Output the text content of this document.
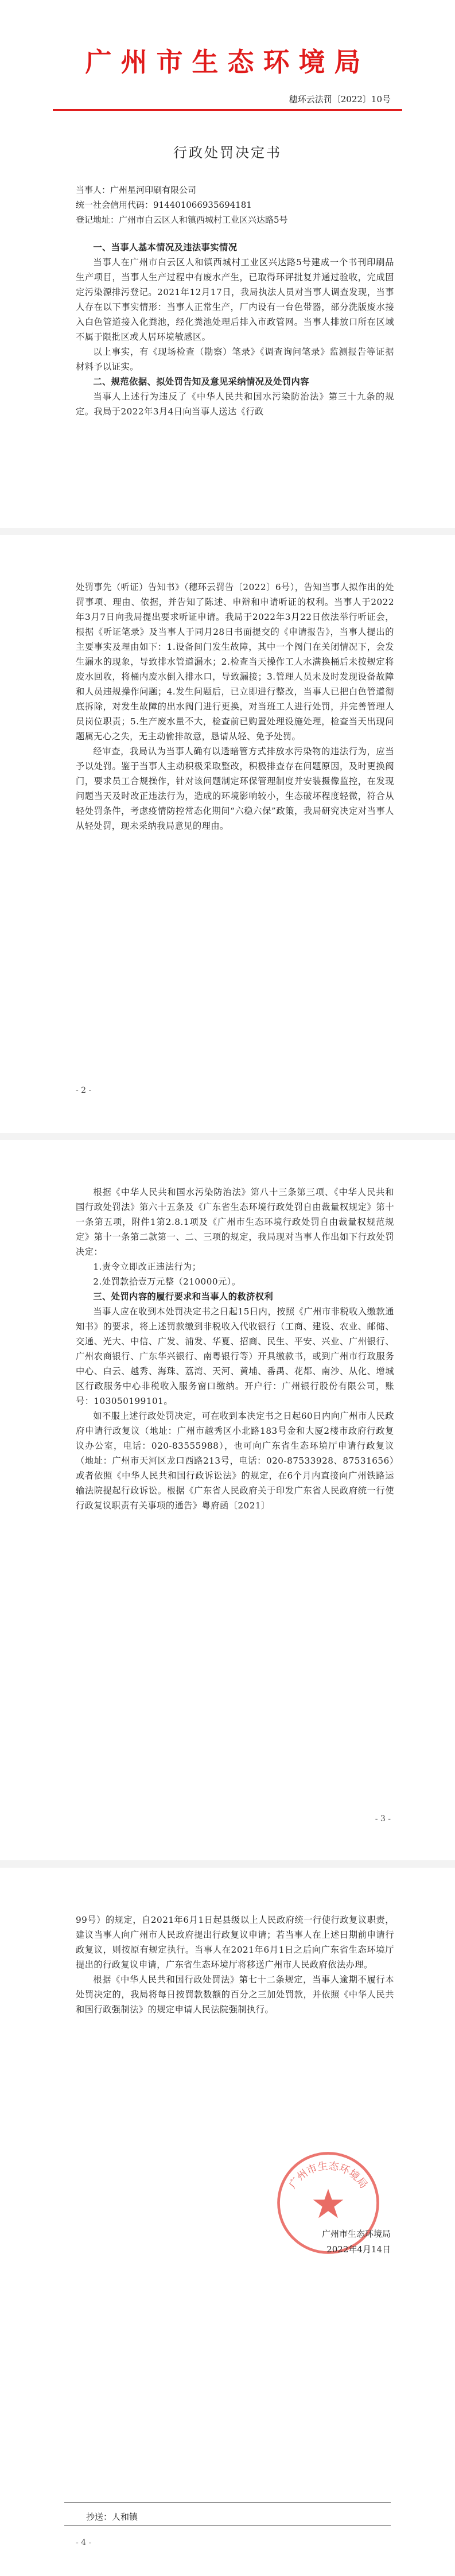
广州市生态环境局
穗环云法罚〔2022〕10号
行政处罚决定书
当事人：广州星河印刷有限公司
统一社会信用代码：914401066935694181
登记地址：广州市白云区人和镇西城村工业区兴达路5号

一、当事人基本情况及违法事实情况

当事人在广州市白云区人和镇西城村工业区兴达路5号建成一个书刊印刷品生产项目，当事人生产过程中有废水产生，已取得环评批复并通过验收，完成固定污染源排污登记。2021年12月17日，我局执法人员对当事人调查发现，当事人存在以下事实情形：当事人正常生产，厂内设有一台色带器，部分洗版废水接入白色管道接入化粪池，经化粪池处理后排入市政管网。当事人排放口所在区域不属于限批区或人居环境敏感区。

以上事实，有《现场检查（勘察）笔录》《调查询问笔录》监测报告等证据材料予以证实。

二、规范依据、拟处罚告知及意见采纳情况及处罚内容

当事人上述行为违反了《中华人民共和国水污染防治法》第三十九条的规定。我局于2022年3月4日向当事人送达《行政

处罚事先（听证）告知书》（穗环云罚告〔2022〕6号），告知当事人拟作出的处罚事项、理由、依据，并告知了陈述、申辩和申请听证的权利。当事人于2022年3月7日向我局提出要求听证申请。我局于2022年3月22日依法举行听证会，根据《听证笔录》及当事人于同月28日书面提交的《申请报告》，当事人提出的主要事实及理由如下：1.设备间门发生故障，其中一个阀门在关闭情况下，会发生漏水的现象，导致排水管道漏水；2.检查当天操作工人水满换桶后未按规定将废水回收，将桶内废水倒入排水口，导致漏接；3.管理人员未及时发现设备故障和人员违规操作问题；4.发生问题后，已立即进行整改，当事人已把白色管道彻底拆除，对发生故障的出水阀门进行更换，对当班工人进行处罚，并完善管理人员岗位职责；5.生产废水量不大，检查前已购置处理设施处理，检查当天出现问题属无心之失，无主动偷排故意，恳请从轻、免予处罚。

经审查，我局认为当事人确有以透暗管方式排放水污染物的违法行为，应当予以处罚。鉴于当事人主动积极采取整改，积极排查存在问题原因，及时更换阀门，要求员工合规操作，针对该问题制定环保管理制度并安装摄像监控，在发现问题当天及时改正违法行为，造成的环境影响较小，生态破坏程度轻微，符合从轻处罚条件，考虑疫情防控常态化期间“六稳六保”政策，我局研究决定对当事人从轻处罚，现未采纳我局意见的理由。

- 2 -

根据《中华人民共和国水污染防治法》第八十三条第三项、《中华人民共和国行政处罚法》第六十五条及《广东省生态环境行政处罚自由裁量权规定》第十一条第五项，附件1第2.8.1项及《广州市生态环境行政处罚自由裁量权规范规定》第十一条第二款第一、二、三项的规定，我局现对当事人作出如下行政处罚决定：

1.责令立即改正违法行为；

2.处罚款拾壹万元整（210000元）。

三、处罚内容的履行要求和当事人的救济权利

当事人应在收到本处罚决定书之日起15日内，按照《广州市非税收入缴款通知书》的要求，将上述罚款缴到非税收入代收银行（工商、建设、农业、邮储、交通、光大、中信、广发、浦发、华夏、招商、民生、平安、兴业、广州银行、广州农商银行、广东华兴银行、南粤银行等）开具缴款书，或到广州市行政服务中心、白云、越秀、海珠、荔湾、天河、黄埔、番禺、花都、南沙、从化、增城区行政服务中心非税收入服务窗口缴纳。开户行：广州银行股份有限公司，账号：103050199101。

如不服上述行政处罚决定，可在收到本决定书之日起60日内向广州市人民政府申请行政复议（地址：广州市越秀区小北路183号金和大厦2楼市政府行政复议办公室，电话：020-83555988），也可向广东省生态环境厅申请行政复议（地址：广州市天河区龙口西路213号，电话：020-87533928、87531656）或者依照《中华人民共和国行政诉讼法》的规定，在6个月内直接向广州铁路运输法院提起行政诉讼。根据《广东省人民政府关于印发广东省人民政府统一行使行政复议职责有关事项的通告》粤府函〔2021〕

- 3 -

99号）的规定，自2021年6月1日起县级以上人民政府统一行使行政复议职责，建议当事人向广州市人民政府提出行政复议申请；若当事人在上述日期前申请行政复议，则按原有规定执行。当事人在2021年6月1日之后向广东省生态环境厅提出的行政复议申请，广东省生态环境厅将移送广州市人民政府依法办理。

根据《中华人民共和国行政处罚法》第七十二条规定，当事人逾期不履行本处罚决定的，我局将每日按罚款数额的百分之三加处罚款，并依照《中华人民共和国行政强制法》的规定申请人民法院强制执行。

广州市生态环境局
广州市生态环境局
2022年4月14日
抄送：人和镇
- 4 -
